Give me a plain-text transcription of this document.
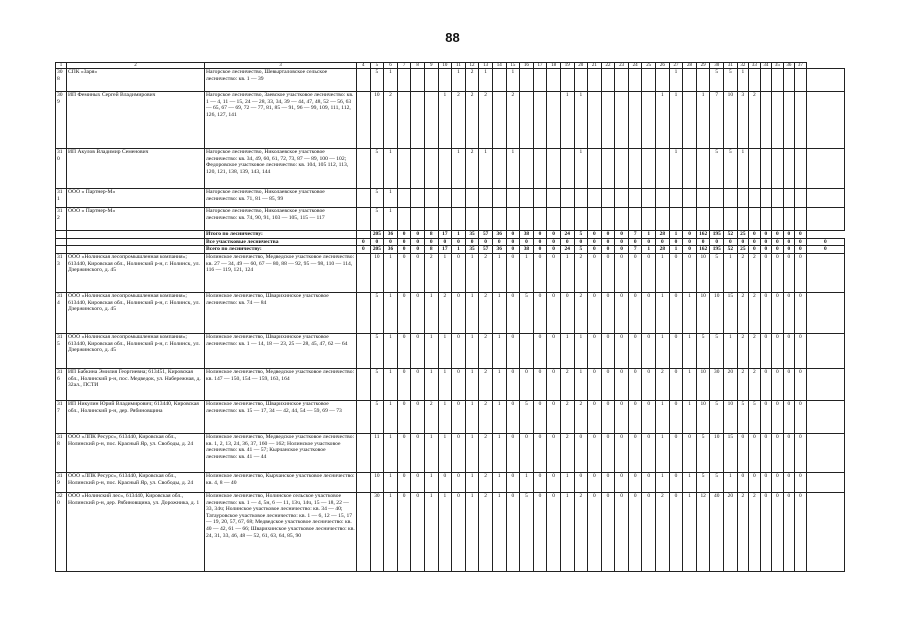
88
1	2	3	4	5	6	7	8	9	10	11	12	13	14	15	16	17	18	19	20	21	22	23	24	25	26	27	28	29	30	31	32	33	34	35	36	37	
308	СПК «Заря»	Нагорское лесничество, Шевырталовское сельское лесничество: кв. 1 — 39		5	1					1	2	1		1												1			5	5	1						
309	ИП Феминых Сергей Владимирович	Нагорское лесничество, Заевское участковое лесничество: кв. 1 — 4, 11 — 15, 24 — 28, 33, 34, 39 — 44, 47, 48, 52 — 56, 63 — 65, 67 — 69, 72 — 77, 81, 85 — 91, 96 — 99, 109, 111, 112, 126, 127, 141		10	2				1	2	2	2		2				1	1						1	1		1	7	10	3	2					
310	ИП Акулов Владимир Семенович	Нагорское лесничество, Николаевское участковое лесничество: кв. 34, 49, 60, 61, 72, 73, 87 — 89, 100 — 102; Федоровское участковое лесничество: кв. 104, 105 112, 113, 120, 121, 138, 139, 143, 144		5	1					1	2	1		1					1							1			5	5	1						
311	ООО « Партнер-М»	Нагорское лесничество, Николаевское участковое лесничество: кв. 71, 81 — 85, 99		5	1																																
312	ООО « Партнер-М»	Нагорское лесничество, Николаевское участковое лесничество: кв. 74, 90, 91, 103 — 105, 115 — 117		5	1																																
		Итого по лесничеству:		205	36	0	0	8	17	1	35	57	36	0	38	0	0	24	5	0	0	0	7	1	28	1	0	162	195	52	25	0	0	0	0	0	
		Все участковые лесничества	0	0	0	0	0	0	0	0	0	0	0	0	0	0	0	0	0	0	0	0	0	0	0	0	0	0	0	0	0	0	0	0	0	0	0
		Всего по лесничеству:	0	205	36	0	0	8	17	1	35	57	36	0	38	0	0	24	5	0	0	0	7	1	28	1	0	162	195	52	25	0	0	0	0	0	0
313	ООО «Нолинская лесопромышленная компания»; 613440, Кировская обл., Нолинский р-н, г. Нолинск, ул. Дзержинского, д. 45	Нолинское лесничество, Медведское участковое лесничество: кв. 27 — 34, 49 — 60, 67 — 80, 88 — 92, 95 — 98, 110 — 114, 116 — 119, 121, 124		10	1	0	0	2	1	0	1	2	1	0	1	0	0	1	2	0	0	0	0	0	1	0	0	10	5	1	2	2	0	0	0	0	
314	ООО «Нолинская лесопромышленная компания»; 613440, Кировская обл., Нолинский р-н, г. Нолинск, ул. Дзержинского, д. 45	Нолинское лесничество, Шварихинское участковое лесничество: кв. 74 — 84		5	1	0	0	1	2	0	1	2	1	0	5	0	0	0	2	0	0	0	0	0	1	0	1	10	10	15	2	2	0	0	0	0	
315	ООО «Нолинская лесопромышленная компания»; 613440, Кировская обл., Нолинский р-н, г. Нолинск, ул. Дзержинского, д. 45	Нолинское лесничество, Шварихинское участковое лесничество: кв. 1 — 14, 18 — 23, 25 — 28, 45, 47, 62 — 64		5	1	0	0	1	1	0	1	2	1	0		0	0	1	1	0	0	0	0	0	1	0	1	5	5	1	2	2	0	0	0	0	
316	ИП Бабкина Эмилия Георгиевна; 613451, Кировская обл., Нолинский р-н, пос. Медведок, ул. Набережная, д. 32ал., ПСТИ	Нолинское лесничество, Медведское участковое лесничество: кв. 147 — 150, 154 — 159, 163, 164		5	1	0	0	1	1	0	1	2	1	0	0	0	0	2	1	0	0	0	0	0	2	0	1	10	30	20	2	2	0	0	0	0	
317	ИП Никулин Юрий Владимирович; 613440, Кировская обл., Нолинский р-н, дер. Рябиновщина	Нолинское лесничество, Шварихинское участковое лесничество: кв. 15 — 17, 34 — 42, 44, 54 — 59, 69 — 73		5	1	0	0	2	1	0	1	2	1	0	5	0	0	2	2	0	0	0	0	0	1	0	1	10	5	10	5	5	0	0	0	0	
318	ООО «ЛПК Ресурс», 613440, Кировская обл., Нолинский р-н, пос. Красный Яр, ул. Свободы, д. 24	Нолинское лесничество, Медведское участковое лесничество: кв. 1, 2, 13, 24, 36, 37, 160 — 162; Нолинское участковое лесничество: кв. 41 — 57; Кырчанское участковое лесничество: кв. 41 — 44		11	1	0	0	1	1	0	1	2	1	0	0	0	0	2	0	0	0	0	0	0	1	0	0	5	10	15	0	0	0	0	0	0	
319	ООО «ЛПК Ресурс», 613440, Кировская обл., Нолинский р-н, пос. Красный Яр, ул. Свободы, д. 24	Нолинское лесничество, Кырчанское участковое лесничество: кв. 4, 8 — 40		10	1	0	0	1	0	0	1	2	1	0	1	0	0	1	0	0	0	0	0	0	1	0	1	5	5	1	0	0	0	0	0	0	
320	ООО «Нолинский лес», 613440, Кировская обл., Нолинский р-н, дер. Рябиновщина, ул. Дорожника, д. 1	Нолинское лесничество, Нолинское сельское участковое лесничество: кв. 1 — 4, 5н, 6 — 11, 13ч, 14ч, 15 — 18, 22 — 33, 34ч; Нолинское участковое лесничество: кв. 34 — 40; Татауровское участковое лесничество: кв. 1 — 6, 12 — 15, 17 — 19, 20, 57, 67, 68; Медведское участковое лесничество: кв. 40 — 42, 61 — 66; Шварихинское участковое лесничество: кв. 24, 31, 33, 46, 48 — 52, 61, 63, 64, 85, 90		30	1	0	0	1	1	0	1	2	1	0	5	0	0	1	2	0	0	0	0	0	2	0	1	12	40	20	2	2	0	0	0	0	
